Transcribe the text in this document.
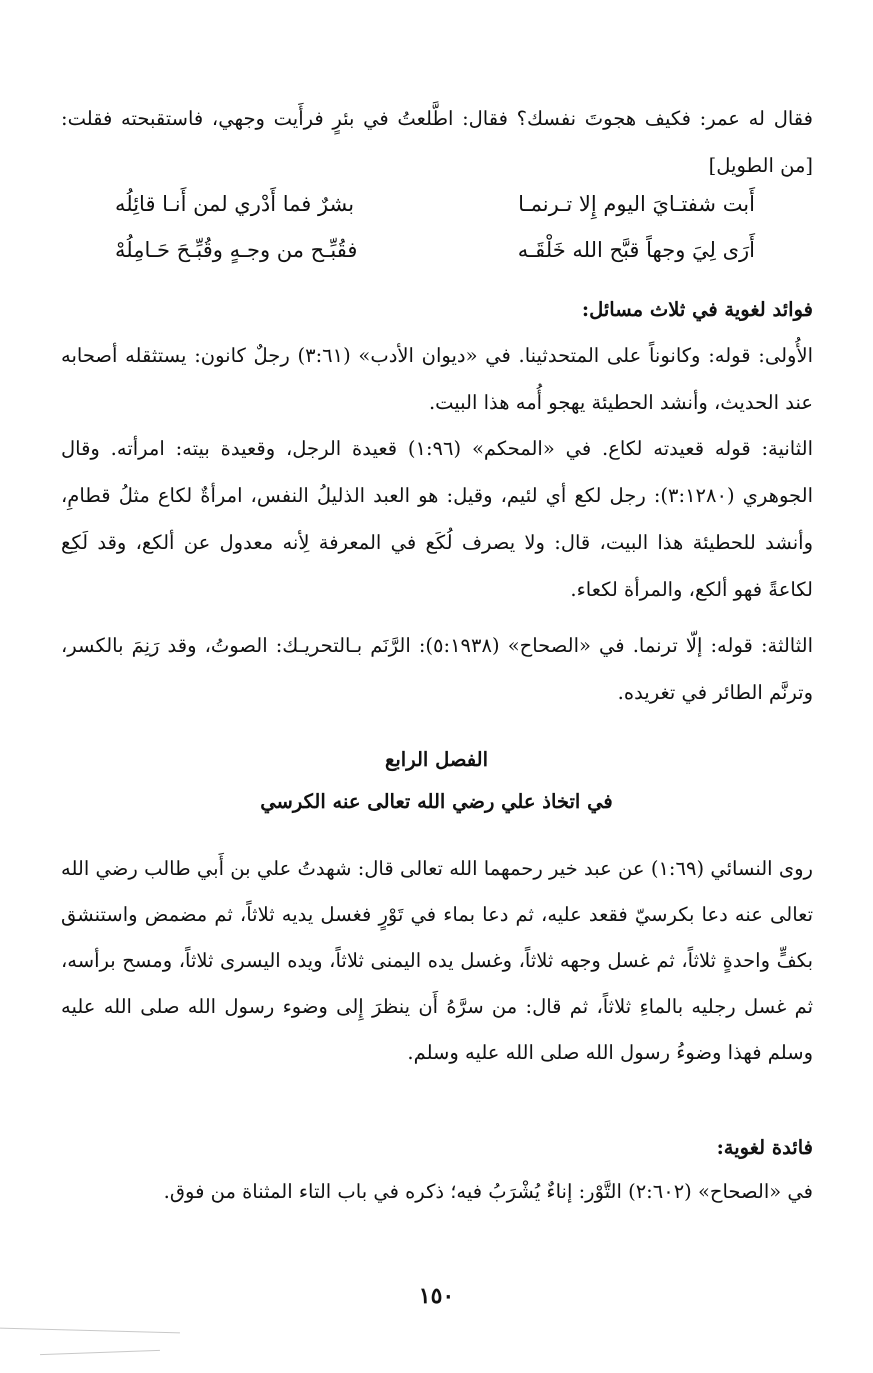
فقال له عمر: فكيف هجوتَ نفسك؟ فقال: اطَّلعتُ في بئرٍ فرأَيت وجهي، فاستقبحته فقلت:[من الطويل]

أَبت شفتـايَ اليوم إِلا تـرنمـا
بشرٌ فما أَدْري لمن أَنـا قائِلُه
أَرَى لِيَ وجهاً قبَّح الله خَلْقَـه
فقُبِّـح من وجـهٍ وقُبِّـحَ حَـامِلُهْ

فوائد لغوية في ثلاث مسائل:

الأُولى: قوله: وكانوناً على المتحدثينا. في «ديوان الأدب» (٣:٦١) رجلٌ كانون: يستثقله أصحابه عند الحديث، وأنشد الحطيئة يهجو أُمه هذا البيت.

الثانية: قوله قعيدته لكاع. في «المحكم» (١:٩٦) قعيدة الرجل، وقعيدة بيته: امرأته. وقال الجوهري (٣:١٢٨٠): رجل لكع أي لئيم، وقيل: هو العبد الذليلُ النفس، امرأةٌ لكاع مثلُ قطامِ، وأنشد للحطيئة هذا البيت، قال: ولا يصرف لُكَع في المعرفة لِأنه معدول عن ألكع، وقد لَكِع لكاعةً فهو ألكع، والمرأة لكعاء.

الثالثة: قوله: إلّا ترنما. في «الصحاح» (٥:١٩٣٨): الرَّنَم بـالتحريـك: الصوتُ، وقد رَنِمَ بالكسر، وترنَّم الطائر في تغريده.

الفصل الرابع
في اتخاذ علي رضي الله تعالى عنه الكرسي

روى النسائي (١:٦٩) عن عبد خير رحمهما الله تعالى قال: شهدتُ علي بن أَبي طالب رضي الله تعالى عنه دعا بكرسيّ فقعد عليه، ثم دعا بماء في تَوْرٍ فغسل يديه ثلاثاً، ثم مضمض واستنشق بكفٍّ واحدةٍ ثلاثاً، ثم غسل وجهه ثلاثاً، وغسل يده اليمنى ثلاثاً، ويده اليسرى ثلاثاً، ومسح برأسه، ثم غسل رجليه بالماءِ ثلاثاً، ثم قال: من سرَّهُ أَن ينظرَ إِلى وضوء رسول الله صلى الله عليه وسلم فهذا وضوءُ رسول الله صلى الله عليه وسلم.

فائدة لغوية:

في «الصحاح» (٢:٦٠٢) التَّوْر: إناءٌ يُشْرَبُ فيه؛ ذكره في باب التاء المثناة من فوق.

١٥٠
